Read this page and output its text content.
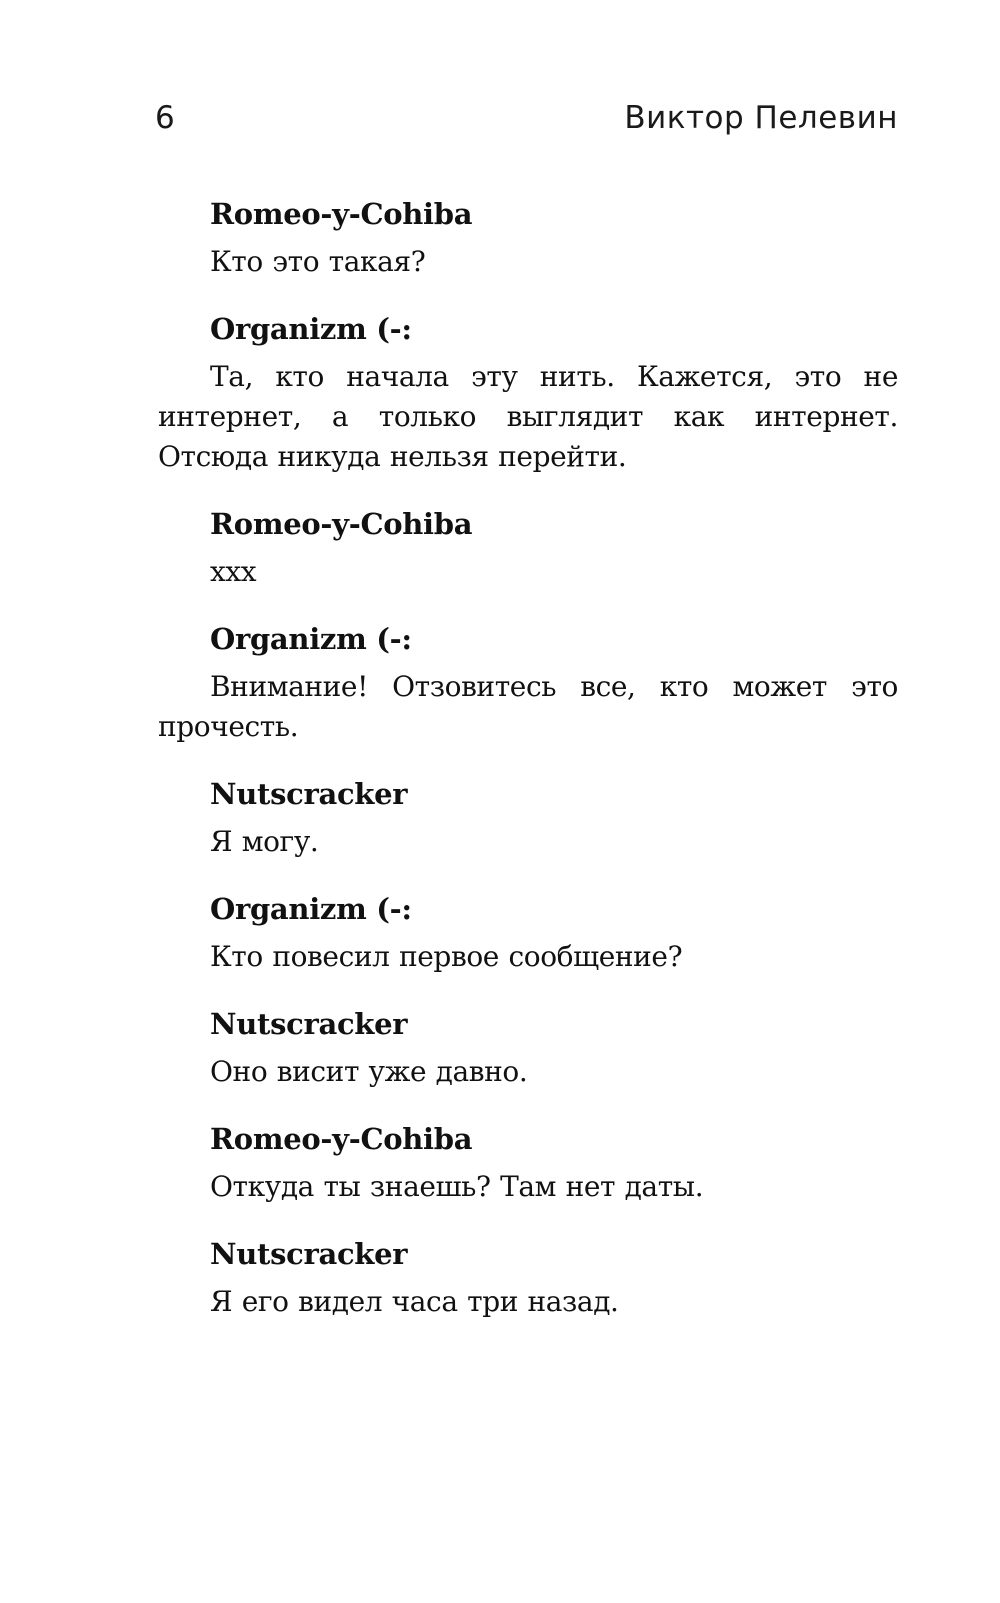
6	Виктор Пелевин
Romeo-y-Cohiba
Кто это такая?
Organizm (-:
Та, кто начала эту нить. Кажется, это не интернет, а только выглядит как интернет. Отсюда никуда нельзя перейти.
Romeo-y-Cohiba
xxx
Organizm (-:
Внимание! Отзовитесь все, кто может это прочесть.
Nutscracker
Я могу.
Organizm (-:
Кто повесил первое сообщение?
Nutscracker
Оно висит уже давно.
Romeo-y-Cohiba
Откуда ты знаешь? Там нет даты.
Nutscracker
Я его видел часа три назад.
